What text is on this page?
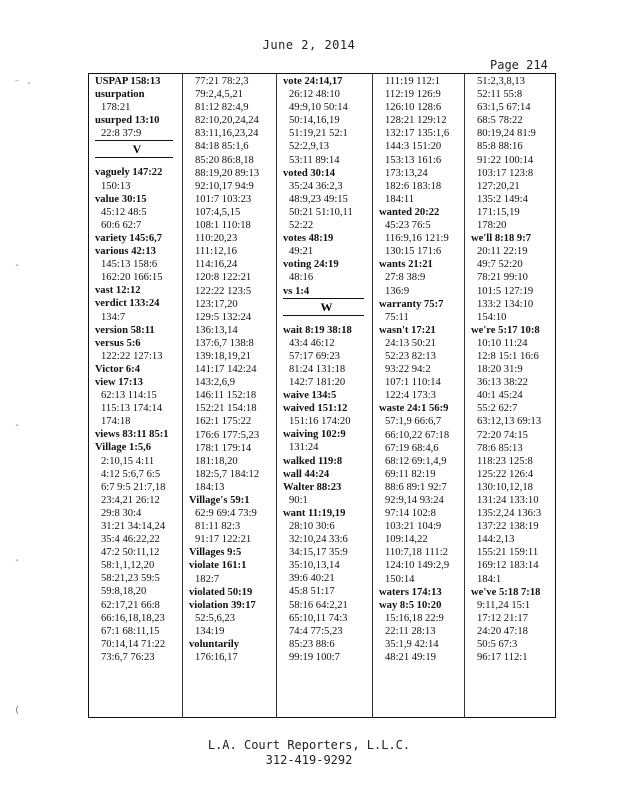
June 2, 2014
Page 214
USPAP 158:13
usurpation
178:21
usurped 13:10
22:8 37:9
V
vaguely 147:22
150:13
value 30:15
45:12 48:5
60:6 62:7
variety 145:6,7
various 42:13
145:13 158:6
162:20 166:15
vast 12:12
verdict 133:24
134:7
version 58:11
versus 5:6
122:22 127:13
Victor 6:4
view 17:13
62:13 114:15
115:13 174:14
174:18
views 83:11 85:1
Village 1:5,6
2:10,15 4:11
4:12 5:6,7 6:5
6:7 9:5 21:7,18
23:4,21 26:12
29:8 30:4
31:21 34:14,24
35:4 46:22,22
47:2 50:11,12
58:1,1,12,20
58:21,23 59:5
59:8,18,20
62:17,21 66:8
66:16,18,18,23
67:1 68:11,15
70:14,14 71:22
73:6,7 76:23
77:21 78:2,3
79:2,4,5,21
81:12 82:4,9
82:10,20,24,24
83:11,16,23,24
84:18 85:1,6
85:20 86:8,18
88:19,20 89:13
92:10,17 94:9
101:7 103:23
107:4,5,15
108:1 110:18
110:20,23
111:12,16
114:16,24
120:8 122:21
122:22 123:5
123:17,20
129:5 132:24
136:13,14
137:6,7 138:8
139:18,19,21
141:17 142:24
143:2,6,9
146:11 152:18
152:21 154:18
162:1 175:22
176:6 177:5,23
178:1 179:14
181:18,20
182:5,7 184:12
184:13
Village's 59:1
62:9 69:4 73:9
81:11 82:3
91:17 122:21
Villages 9:5
violate 161:1
182:7
violated 50:19
violation 39:17
52:5,6,23
134:19
voluntarily
176:16,17
vote 24:14,17
26:12 48:10
49:9,10 50:14
50:14,16,19
51:19,21 52:1
52:2,9,13
53:11 89:14
voted 30:14
35:24 36:2,3
48:9,23 49:15
50:21 51:10,11
52:22
votes 48:19
49:21
voting 24:19
48:16
vs 1:4
W
wait 8:19 38:18
43:4 46:12
57:17 69:23
81:24 131:18
142:7 181:20
waive 134:5
waived 151:12
151:16 174:20
waiving 102:9
131:24
walked 119:8
wall 44:24
Walter 88:23
90:1
want 11:19,19
28:10 30:6
32:10,24 33:6
34:15,17 35:9
35:10,13,14
39:6 40:21
45:8 51:17
58:16 64:2,21
65:10,11 74:3
74:4 77:5,23
85:23 88:6
99:19 100:7
111:19 112:1
112:19 126:9
126:10 128:6
128:21 129:12
132:17 135:1,6
144:3 151:20
153:13 161:6
173:13,24
182:6 183:18
184:11
wanted 20:22
45:23 76:5
116:9,16 121:9
130:15 171:6
wants 21:21
27:8 38:9
136:9
warranty 75:7
75:11
wasn't 17:21
24:13 50:21
52:23 82:13
93:22 94:2
107:1 110:14
122:4 173:3
waste 24:1 56:9
57:1,9 66:6,7
66:10,22 67:18
67:19 68:4,6
68:12 69:1,4,9
69:11 82:19
88:6 89:1 92:7
92:9,14 93:24
97:14 102:8
103:21 104:9
109:14,22
110:7,18 111:2
124:10 149:2,9
150:14
waters 174:13
way 8:5 10:20
15:16,18 22:9
22:11 28:13
35:1,9 42:14
48:21 49:19
51:2,3,8,13
52:11 55:8
63:1,5 67:14
68:5 78:22
80:19,24 81:9
85:8 88:16
91:22 100:14
103:17 123:8
127:20,21
135:2 149:4
171:15,19
178:20
we'll 8:18 9:7
20:11 22:19
49:7 52:20
78:21 99:10
101:5 127:19
133:2 134:10
154:10
we're 5:17 10:8
10:10 11:24
12:8 15:1 16:6
18:20 31:9
36:13 38:22
40:1 45:24
55:2 62:7
63:12,13 69:13
72:20 74:15
78:6 85:13
118:23 125:8
125:22 126:4
130:10,12,18
131:24 133:10
135:2,24 136:3
137:22 138:19
144:2,13
155:21 159:11
169:12 183:14
184:1
we've 5:18 7:18
9:11,24 15:1
17:12 21:17
24:20 47:18
50:5 67:3
96:17 112:1
L.A. Court Reporters, L.L.C.
312-419-9292
⁻ -
-
-
-
(
